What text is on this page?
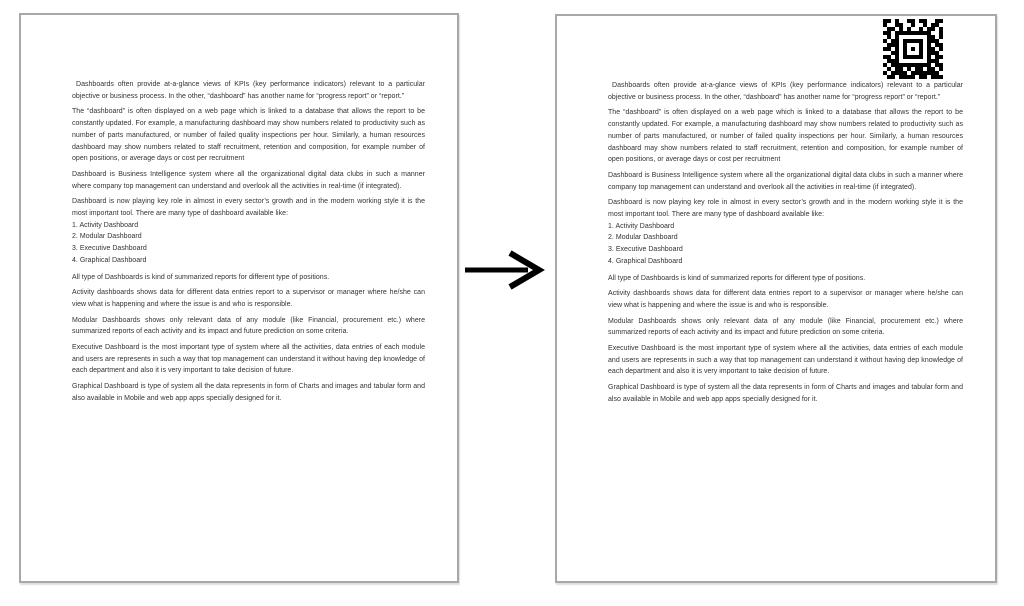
Dashboards often provide at-a-glance views of KPIs (key performance indicators) relevant to a particular objective or business process. In the other, “dashboard” has another name for “progress report” or “report.”
The “dashboard” is often displayed on a web page which is linked to a database that allows the report to be constantly updated. For example, a manufacturing dashboard may show numbers related to productivity such as number of parts manufactured, or number of failed quality inspections per hour. Similarly, a human resources dashboard may show numbers related to staff recruitment, retention and composition, for example number of open positions, or average days or cost per recruitment
Dashboard is Business Intelligence system where all the organizational digital data clubs in such a manner where company top management can understand and overlook all the activities in real-time (if integrated).
Dashboard is now playing key role in almost in every sector’s growth and in the modern working style it is the most important tool. There are many type of dashboard available like:
1. Activity Dashboard
2. Modular Dashboard
3. Executive Dashboard
4. Graphical Dashboard
All type of Dashboards is kind of summarized reports for different type of positions.
Activity dashboards shows data for different data entries report to a supervisor or manager where he/she can view what is happening and where the issue is and who is responsible.
Modular Dashboards shows only relevant data of any module (like Financial, procurement etc.) where summarized reports of each activity and its impact and future prediction on some criteria.
Executive Dashboard is the most important type of system where all the activities, data entries of each module and users are represents in such a way that top management can understand it without having dep knowledge of each department and also it is very important to take decision of future.
Graphical Dashboard is type of system all the data represents in form of Charts and images and tabular form and also available in Mobile and web app apps specially designed for it.
Dashboards often provide at-a-glance views of KPIs (key performance indicators) relevant to a particular objective or business process. In the other, “dashboard” has another name for “progress report” or “report.”
The “dashboard” is often displayed on a web page which is linked to a database that allows the report to be constantly updated. For example, a manufacturing dashboard may show numbers related to productivity such as number of parts manufactured, or number of failed quality inspections per hour. Similarly, a human resources dashboard may show numbers related to staff recruitment, retention and composition, for example number of open positions, or average days or cost per recruitment
Dashboard is Business Intelligence system where all the organizational digital data clubs in such a manner where company top management can understand and overlook all the activities in real-time (if integrated).
Dashboard is now playing key role in almost in every sector’s growth and in the modern working style it is the most important tool. There are many type of dashboard available like:
1. Activity Dashboard
2. Modular Dashboard
3. Executive Dashboard
4. Graphical Dashboard
All type of Dashboards is kind of summarized reports for different type of positions.
Activity dashboards shows data for different data entries report to a supervisor or manager where he/she can view what is happening and where the issue is and who is responsible.
Modular Dashboards shows only relevant data of any module (like Financial, procurement etc.) where summarized reports of each activity and its impact and future prediction on some criteria.
Executive Dashboard is the most important type of system where all the activities, data entries of each module and users are represents in such a way that top management can understand it without having dep knowledge of each department and also it is very important to take decision of future.
Graphical Dashboard is type of system all the data represents in form of Charts and images and tabular form and also available in Mobile and web app apps specially designed for it.
